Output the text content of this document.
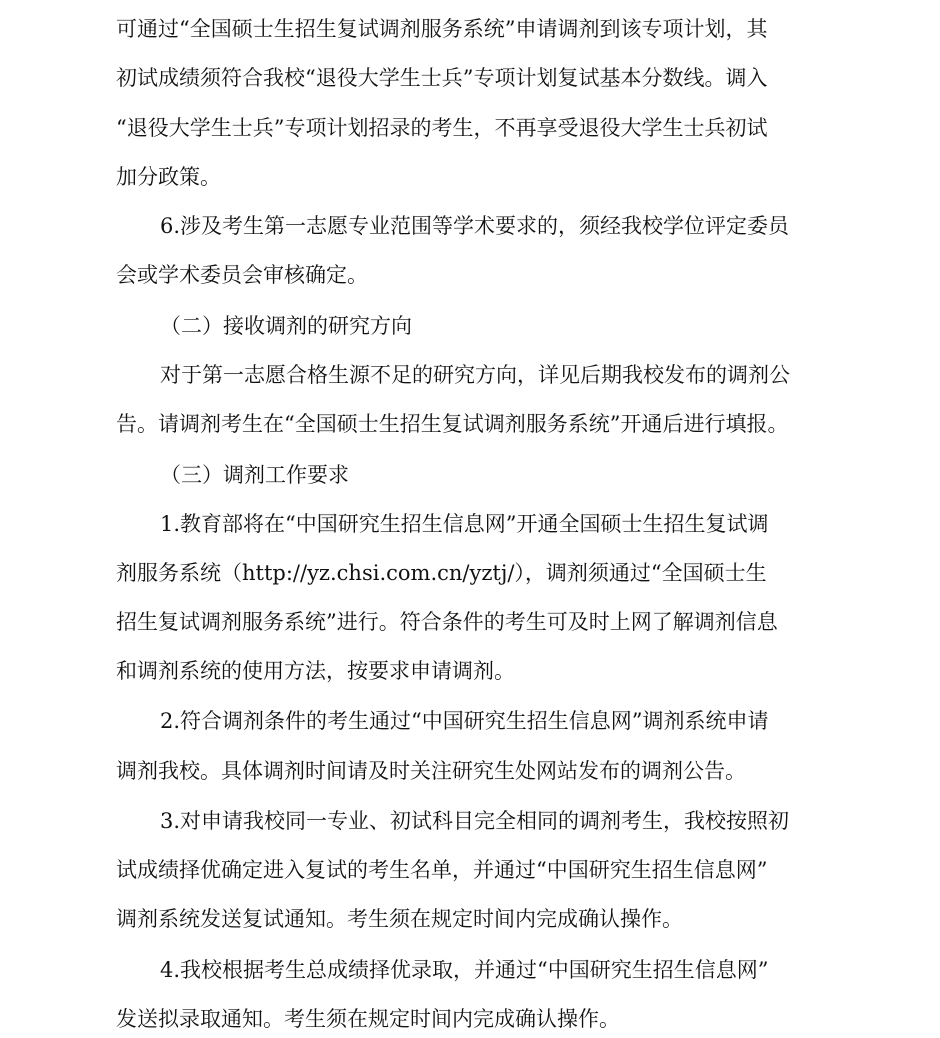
可通过“全国硕士生招生复试调剂服务系统”申请调剂到该专项计划，其
初试成绩须符合我校“退役大学生士兵”专项计划复试基本分数线。调入
“退役大学生士兵”专项计划招录的考生，不再享受退役大学生士兵初试
加分政策。
6.涉及考生第一志愿专业范围等学术要求的，须经我校学位评定委员
会或学术委员会审核确定。
（二）接收调剂的研究方向
对于第一志愿合格生源不足的研究方向，详见后期我校发布的调剂公
告。请调剂考生在“全国硕士生招生复试调剂服务系统”开通后进行填报。
（三）调剂工作要求
1.教育部将在“中国研究生招生信息网”开通全国硕士生招生复试调
剂服务系统（http://yz.chsi.com.cn/yztj/），调剂须通过“全国硕士生
招生复试调剂服务系统”进行。符合条件的考生可及时上网了解调剂信息
和调剂系统的使用方法，按要求申请调剂。
2.符合调剂条件的考生通过“中国研究生招生信息网”调剂系统申请
调剂我校。具体调剂时间请及时关注研究生处网站发布的调剂公告。
3.对申请我校同一专业、初试科目完全相同的调剂考生，我校按照初
试成绩择优确定进入复试的考生名单，并通过“中国研究生招生信息网”
调剂系统发送复试通知。考生须在规定时间内完成确认操作。
4.我校根据考生总成绩择优录取，并通过“中国研究生招生信息网”
发送拟录取通知。考生须在规定时间内完成确认操作。
